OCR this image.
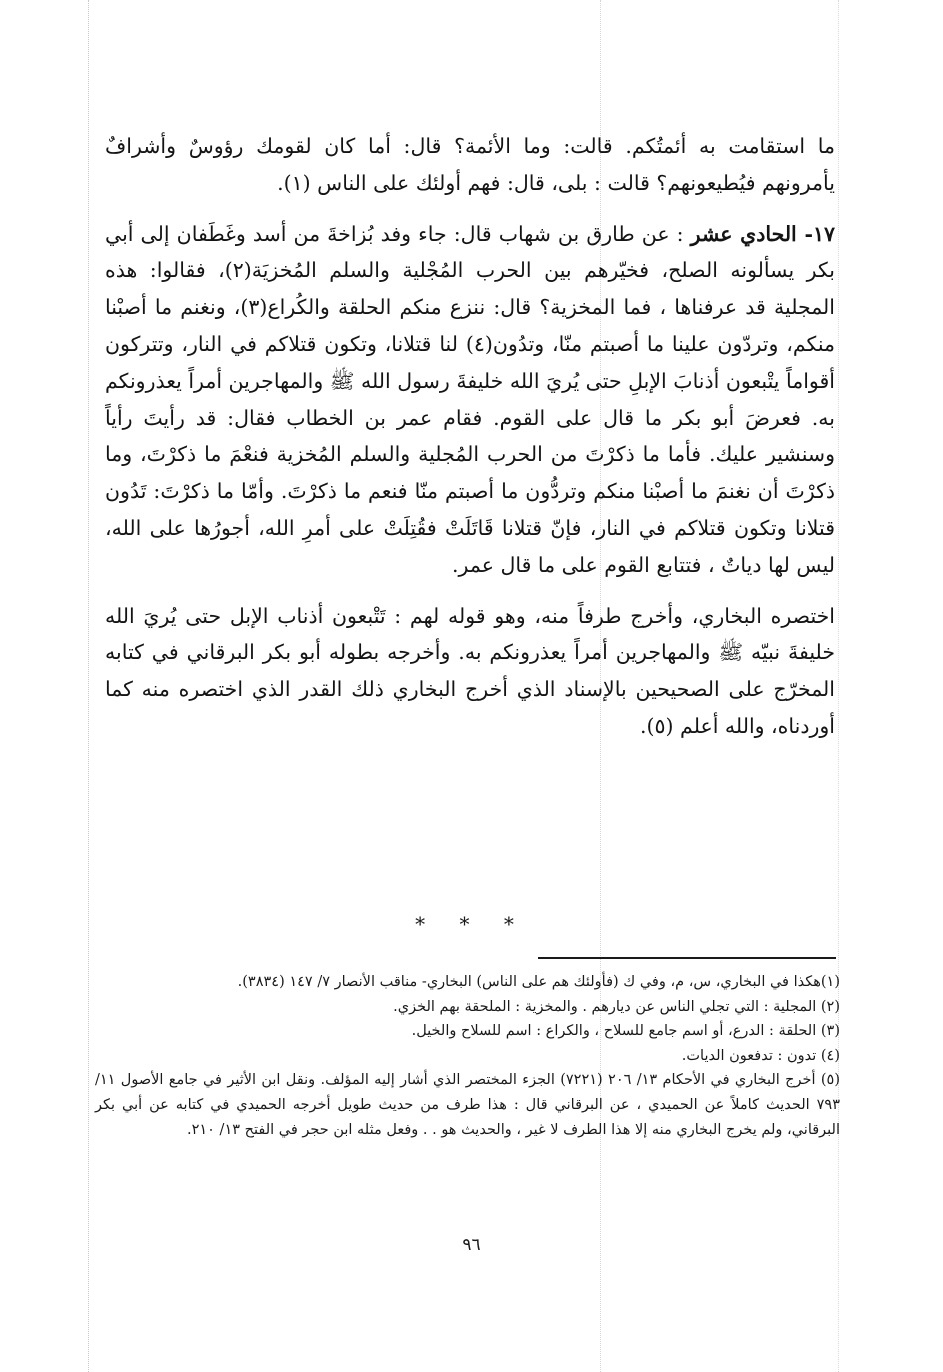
ما استقامت به أئمتُكم. قالت: وما الأئمة؟ قال: أما كان لقومك رؤوسٌ وأشرافٌ يأمرونهم فيُطيعونهم؟ قالت : بلى، قال: فهم أولئك على الناس (١).

١٧- الحادي عشر : عن طارق بن شهاب قال: جاء وفد بُزاخةَ من أسد وغَطَفان إلى أبي بكر يسألونه الصلح، فخيّرهم بين الحرب المُجْلية والسلم المُخزيَة(٢)، فقالوا: هذه المجلية قد عرفناها ، فما المخزية؟ قال: ننزع منكم الحلقة والكُراع(٣)، ونغنم ما أصبْنا منكم، وتردّون علينا ما أصبتم منّا، وتدُون(٤) لنا قتلانا، وتكون قتلاكم في النار، وتتركون أقواماً يتْبعون أذنابَ الإبلِ حتى يُريَ الله خليفةَ رسول الله ﷺ والمهاجرين أمراً يعذرونكم به. فعرضَ أبو بكر ما قال على القوم. فقام عمر بن الخطاب فقال: قد رأيتَ رأياً وسنشير عليك. فأما ما ذكرْتَ من الحرب المُجلية والسلم المُخزية فنعْمَ ما ذكرْتَ، وما ذكرْتَ أن نغنمَ ما أصبْنا منكم وتردُّون ما أصبتم منّا فنعم ما ذكرْتَ. وأمّا ما ذكرْتَ: تَدُون قتلانا وتكون قتلاكم في النار، فإنّ قتلانا قَاتَلَتْ فقُتِلَتْ على أمرِ الله، أجورُها على الله، ليس لها دياتٌ ، فتتابع القوم على ما قال عمر.

اختصره البخاري، وأخرج طرفاً منه، وهو قوله لهم : تَتْبعون أذناب الإبل حتى يُريَ الله خليفةَ نبيّه ﷺ والمهاجرين أمراً يعذرونكم به. وأخرجه بطوله أبو بكر البرقاني في كتابه المخرّج على الصحيحين بالإسناد الذي أخرج البخاري ذلك القدر الذي اختصره منه كما أوردناه، والله أعلم (٥).

* * *

(١)هكذا في البخاري، س، م، وفي ك (فأولئك هم على الناس) البخاري- مناقب الأنصار ٧/ ١٤٧ (٣٨٣٤).

(٢) المجلية : التي تجلي الناس عن ديارهم . والمخزية : الملحقة بهم الخزي.

(٣) الحلقة : الدرع، أو اسم جامع للسلاح ، والكراع : اسم للسلاح والخيل.

(٤) تدون : تدفعون الديات.

(٥) أخرج البخاري في الأحكام ١٣/ ٢٠٦ (٧٢٢١) الجزء المختصر الذي أشار إليه المؤلف. ونقل ابن الأثير في جامع الأصول ١١/ ٧٩٣ الحديث كاملاً عن الحميدي ، عن البرقاني قال : هذا طرف من حديث طويل أخرجه الحميدي في كتابه عن أبي بكر البرقاني، ولم يخرج البخاري منه إلا هذا الطرف لا غير ، والحديث هو . . وفعل مثله ابن حجر في الفتح ١٣/ ٢١٠.

٩٦
